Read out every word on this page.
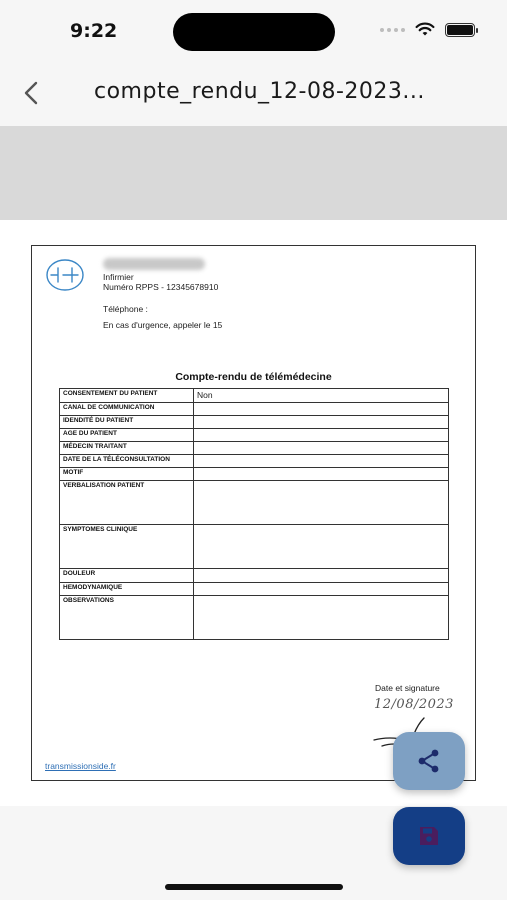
9:22
compte_rendu_12-08-2023...
Infirmier
Numéro RPPS - 12345678910
Téléphone :
En cas d'urgence, appeler le 15
Compte-rendu de télémédecine
CONSENTEMENT DU PATIENT	Non
CANAL DE COMMUNICATION	
IDENDITÉ DU PATIENT	
AGE DU PATIENT	
MÉDECIN TRAITANT	
DATE DE LA TÉLÉCONSULTATION	
MOTIF	
VERBALISATION PATIENT	
SYMPTOMES CLINIQUE	
DOULEUR	
HEMODYNAMIQUE	
OBSERVATIONS	
Date et signature
12/08/2023
transmissionside.fr
